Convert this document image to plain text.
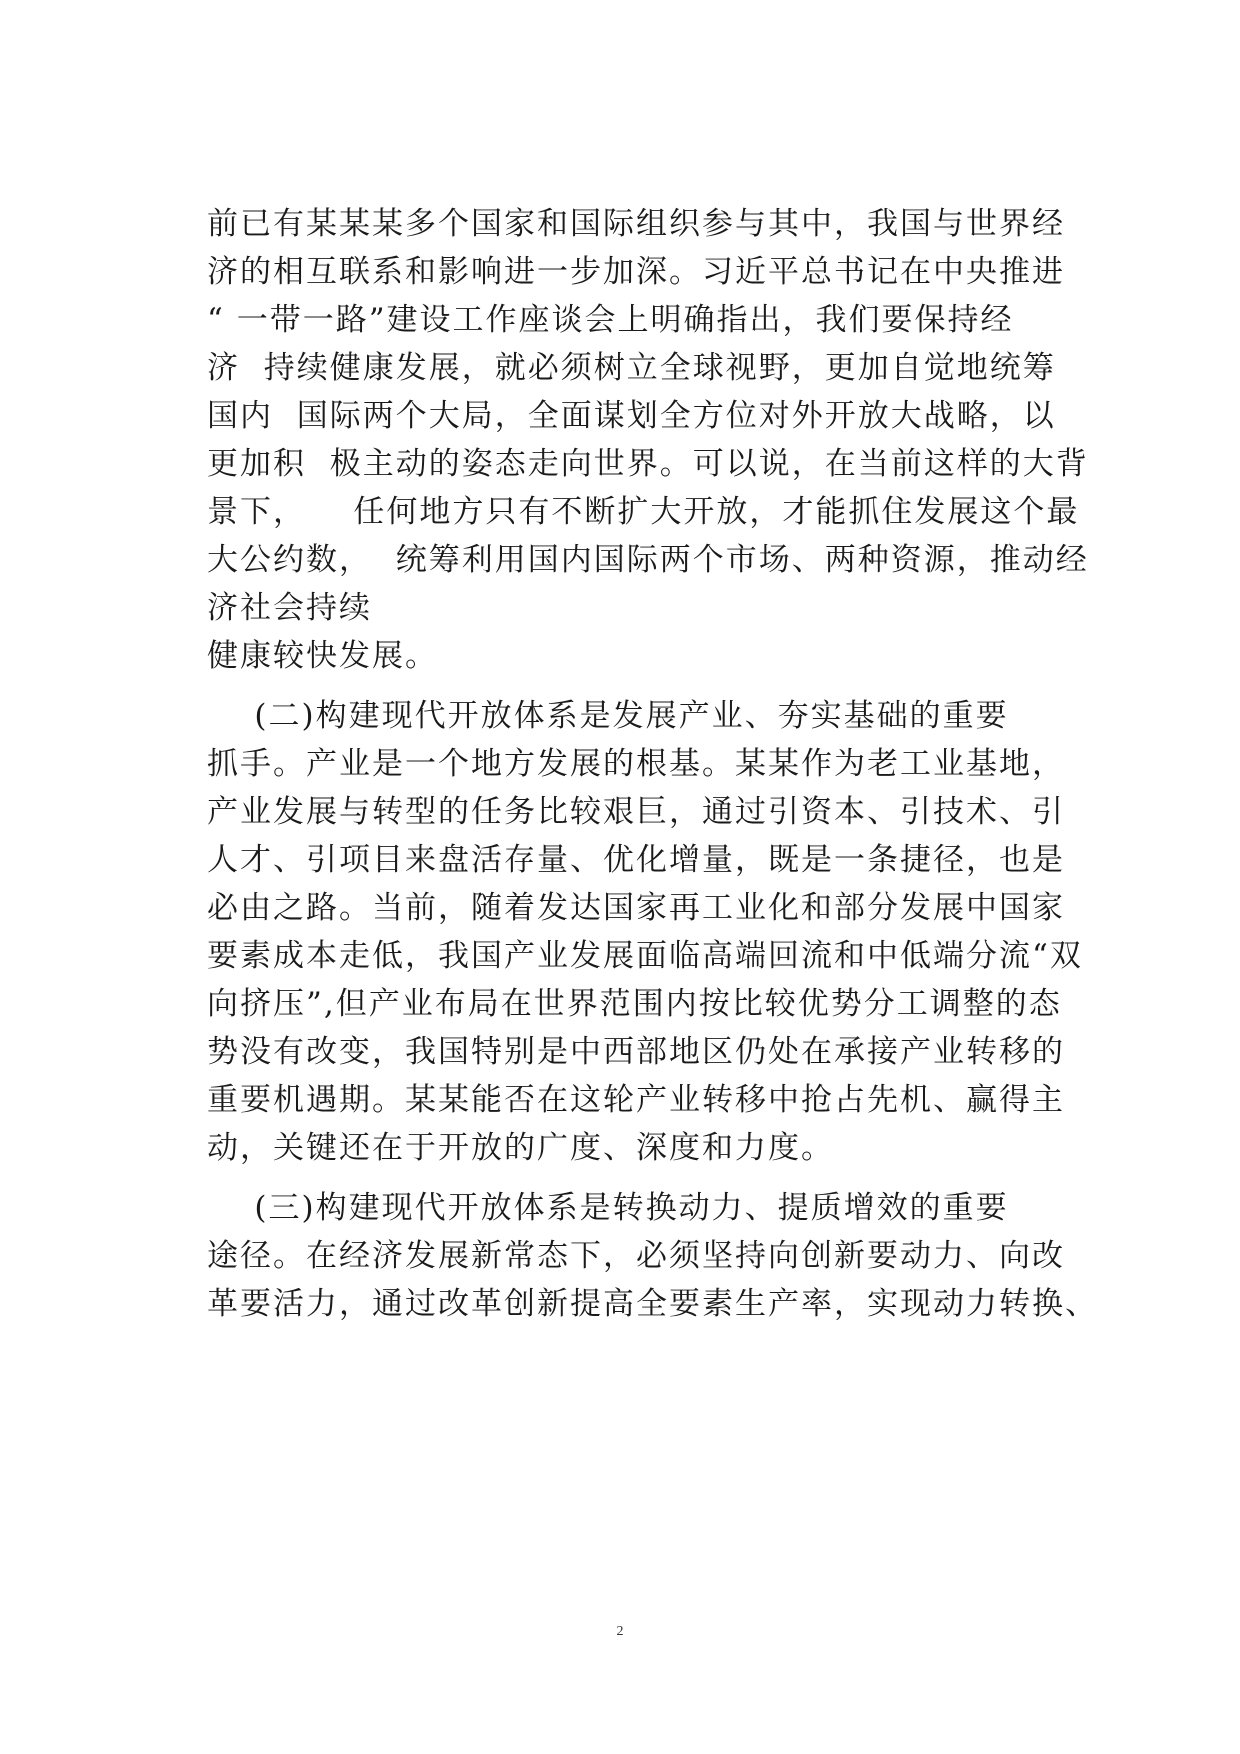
前已有某某某多个国家和国际组织参与其中，我国与世界经
济的相互联系和影响进一步加深。习近平总书记在中央推进
“ 一带一路”建设工作座谈会上明确指出，我们要保持经
济  持续健康发展，就必须树立全球视野，更加自觉地统筹
国内  国际两个大局，全面谋划全方位对外开放大战略，以
更加积  极主动的姿态走向世界。可以说，在当前这样的大背
景下，    任何地方只有不断扩大开放，才能抓住发展这个最
大公约数，  统筹利用国内国际两个市场、两种资源，推动经
济社会持续
健康较快发展。
(二)构建现代开放体系是发展产业、夯实基础的重要
抓手。产业是一个地方发展的根基。某某作为老工业基地，
产业发展与转型的任务比较艰巨，通过引资本、引技术、引
人才、引项目来盘活存量、优化增量，既是一条捷径，也是
必由之路。当前，随着发达国家再工业化和部分发展中国家
要素成本走低，我国产业发展面临高端回流和中低端分流“双
向挤压”,但产业布局在世界范围内按比较优势分工调整的态
势没有改变，我国特别是中西部地区仍处在承接产业转移的
重要机遇期。某某能否在这轮产业转移中抢占先机、赢得主
动，关键还在于开放的广度、深度和力度。
(三)构建现代开放体系是转换动力、提质增效的重要
途径。在经济发展新常态下，必须坚持向创新要动力、向改
革要活力，通过改革创新提高全要素生产率，实现动力转换、
2
